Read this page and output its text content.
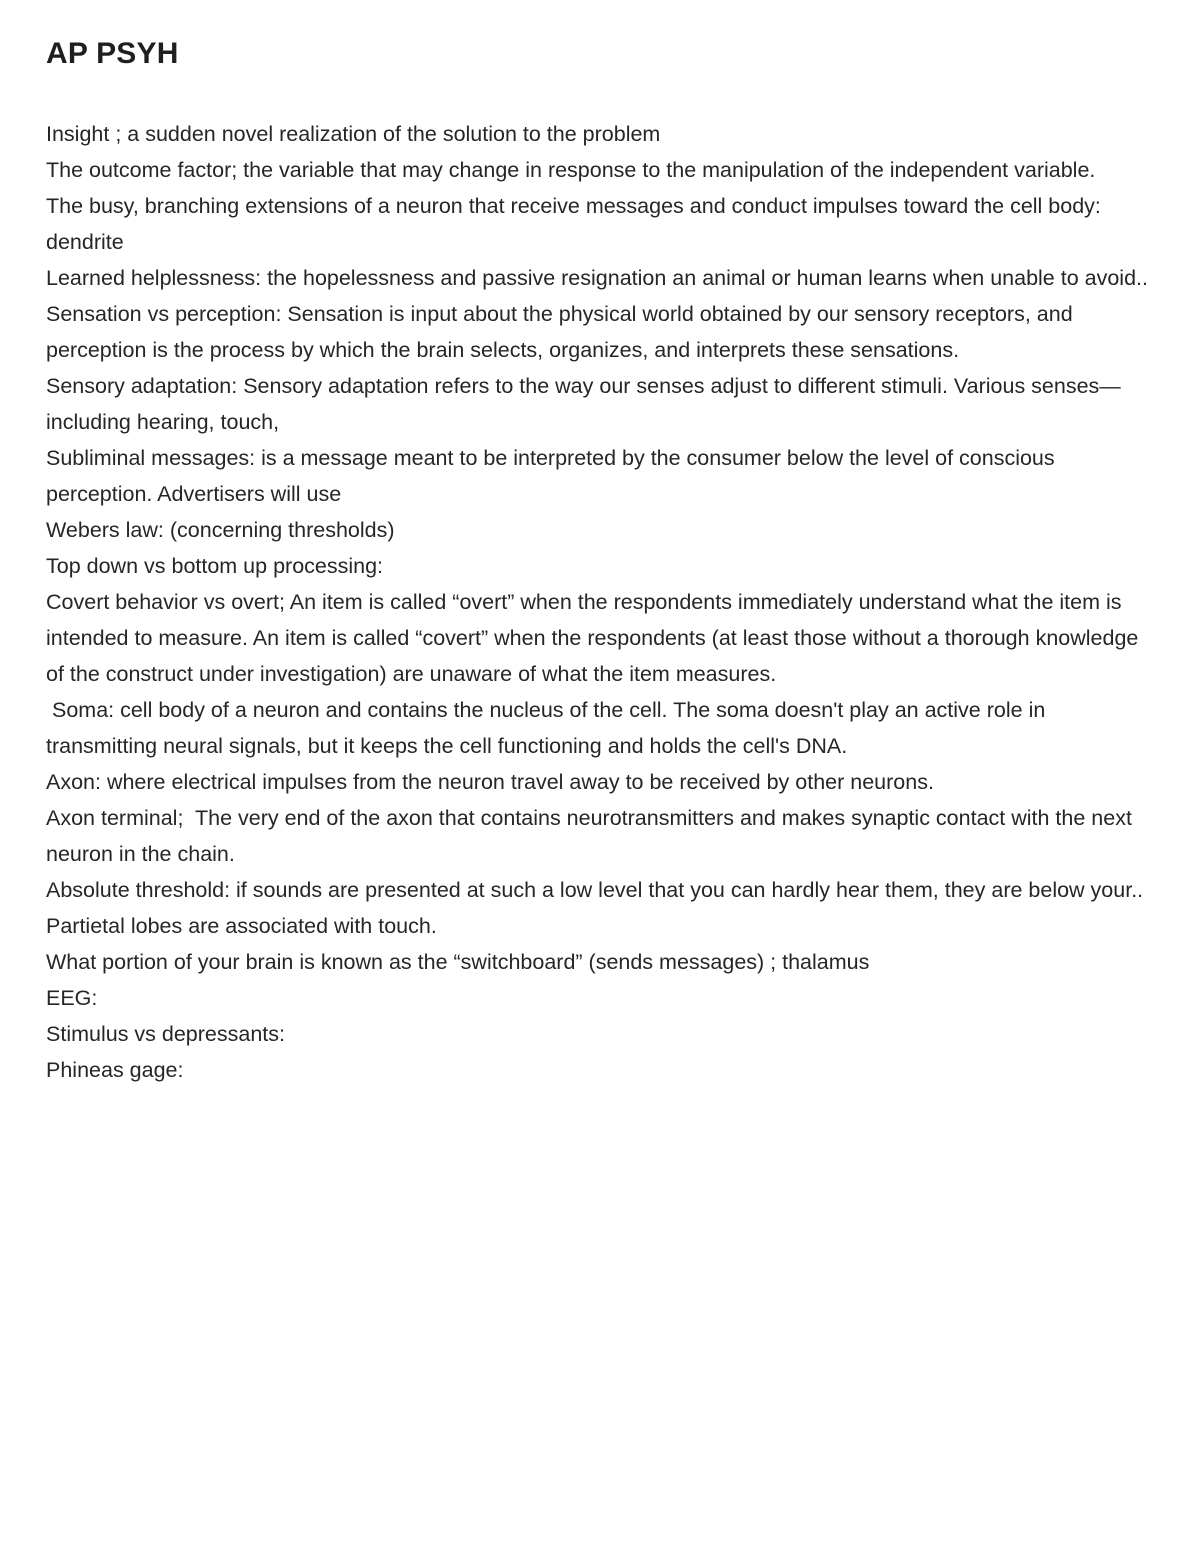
AP PSYH
Insight ; a sudden novel realization of the solution to the problem
The outcome factor; the variable that may change in response to the manipulation of the independent variable.
The busy, branching extensions of a neuron that receive messages and conduct impulses toward the cell body: dendrite
Learned helplessness: the hopelessness and passive resignation an animal or human learns when unable to avoid..
Sensation vs perception: Sensation is input about the physical world obtained by our sensory receptors, and perception is the process by which the brain selects, organizes, and interprets these sensations.
Sensory adaptation: Sensory adaptation refers to the way our senses adjust to different stimuli. Various senses—including hearing, touch,
Subliminal messages: is a message meant to be interpreted by the consumer below the level of conscious perception. Advertisers will use
Webers law: (concerning thresholds)
Top down vs bottom up processing:
Covert behavior vs overt; An item is called “overt” when the respondents immediately understand what the item is intended to measure. An item is called “covert” when the respondents (at least those without a thorough knowledge of the construct under investigation) are unaware of what the item measures.
Soma: cell body of a neuron and contains the nucleus of the cell. The soma doesn't play an active role in transmitting neural signals, but it keeps the cell functioning and holds the cell's DNA.
Axon: where electrical impulses from the neuron travel away to be received by other neurons.
Axon terminal;  The very end of the axon that contains neurotransmitters and makes synaptic contact with the next neuron in the chain.
Absolute threshold: if sounds are presented at such a low level that you can hardly hear them, they are below your..
Partietal lobes are associated with touch.
What portion of your brain is known as the “switchboard” (sends messages) ; thalamus
EEG:
Stimulus vs depressants:
Phineas gage:
